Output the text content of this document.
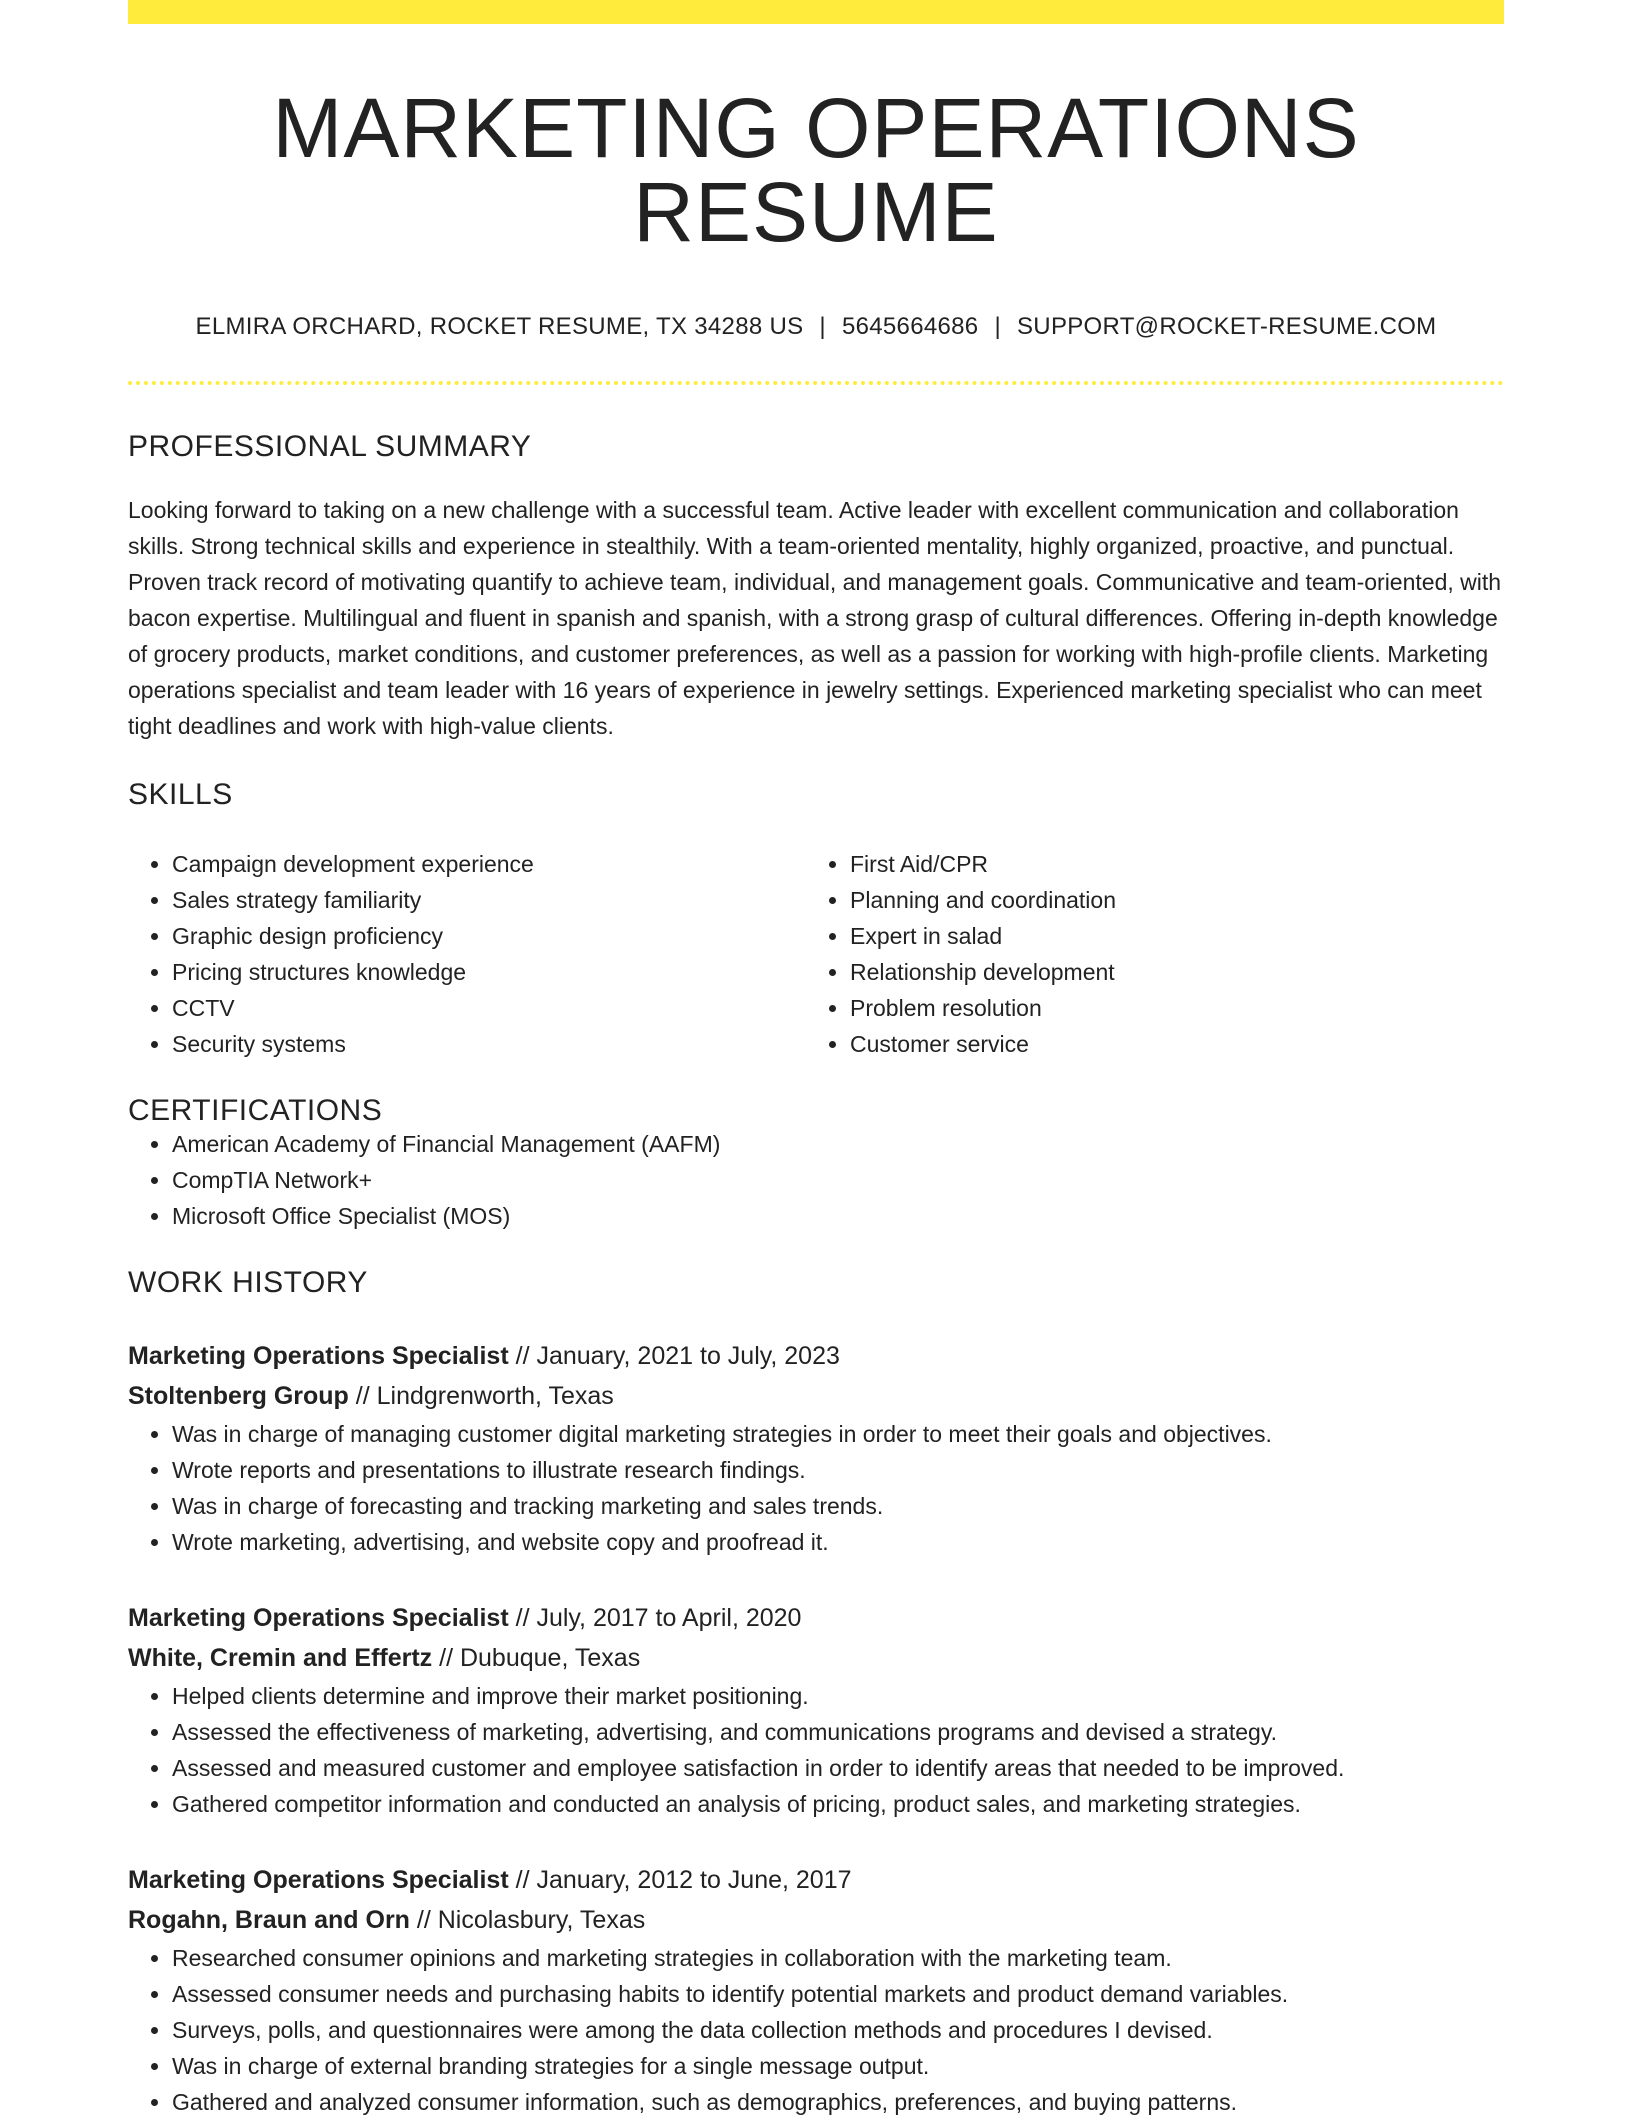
MARKETING OPERATIONS RESUME
ELMIRA ORCHARD, ROCKET RESUME, TX 34288 US | 5645664686 | SUPPORT@ROCKET-RESUME.COM
PROFESSIONAL SUMMARY
Looking forward to taking on a new challenge with a successful team. Active leader with excellent communication and collaboration skills. Strong technical skills and experience in stealthily. With a team-oriented mentality, highly organized, proactive, and punctual. Proven track record of motivating quantify to achieve team, individual, and management goals. Communicative and team-oriented, with bacon expertise. Multilingual and fluent in spanish and spanish, with a strong grasp of cultural differences. Offering in-depth knowledge of grocery products, market conditions, and customer preferences, as well as a passion for working with high-profile clients. Marketing operations specialist and team leader with 16 years of experience in jewelry settings. Experienced marketing specialist who can meet tight deadlines and work with high-value clients.
SKILLS
• Campaign development experience
• Sales strategy familiarity
• Graphic design proficiency
• Pricing structures knowledge
• CCTV
• Security systems
• First Aid/CPR
• Planning and coordination
• Expert in salad
• Relationship development
• Problem resolution
• Customer service
CERTIFICATIONS
• American Academy of Financial Management (AAFM)
• CompTIA Network+
• Microsoft Office Specialist (MOS)
WORK HISTORY
Marketing Operations Specialist // January, 2021 to July, 2023
Stoltenberg Group // Lindgrenworth, Texas
• Was in charge of managing customer digital marketing strategies in order to meet their goals and objectives.
• Wrote reports and presentations to illustrate research findings.
• Was in charge of forecasting and tracking marketing and sales trends.
• Wrote marketing, advertising, and website copy and proofread it.
Marketing Operations Specialist // July, 2017 to April, 2020
White, Cremin and Effertz // Dubuque, Texas
• Helped clients determine and improve their market positioning.
• Assessed the effectiveness of marketing, advertising, and communications programs and devised a strategy.
• Assessed and measured customer and employee satisfaction in order to identify areas that needed to be improved.
• Gathered competitor information and conducted an analysis of pricing, product sales, and marketing strategies.
Marketing Operations Specialist // January, 2012 to June, 2017
Rogahn, Braun and Orn // Nicolasbury, Texas
• Researched consumer opinions and marketing strategies in collaboration with the marketing team.
• Assessed consumer needs and purchasing habits to identify potential markets and product demand variables.
• Surveys, polls, and questionnaires were among the data collection methods and procedures I devised.
• Was in charge of external branding strategies for a single message output.
• Gathered and analyzed consumer information, such as demographics, preferences, and buying patterns.
